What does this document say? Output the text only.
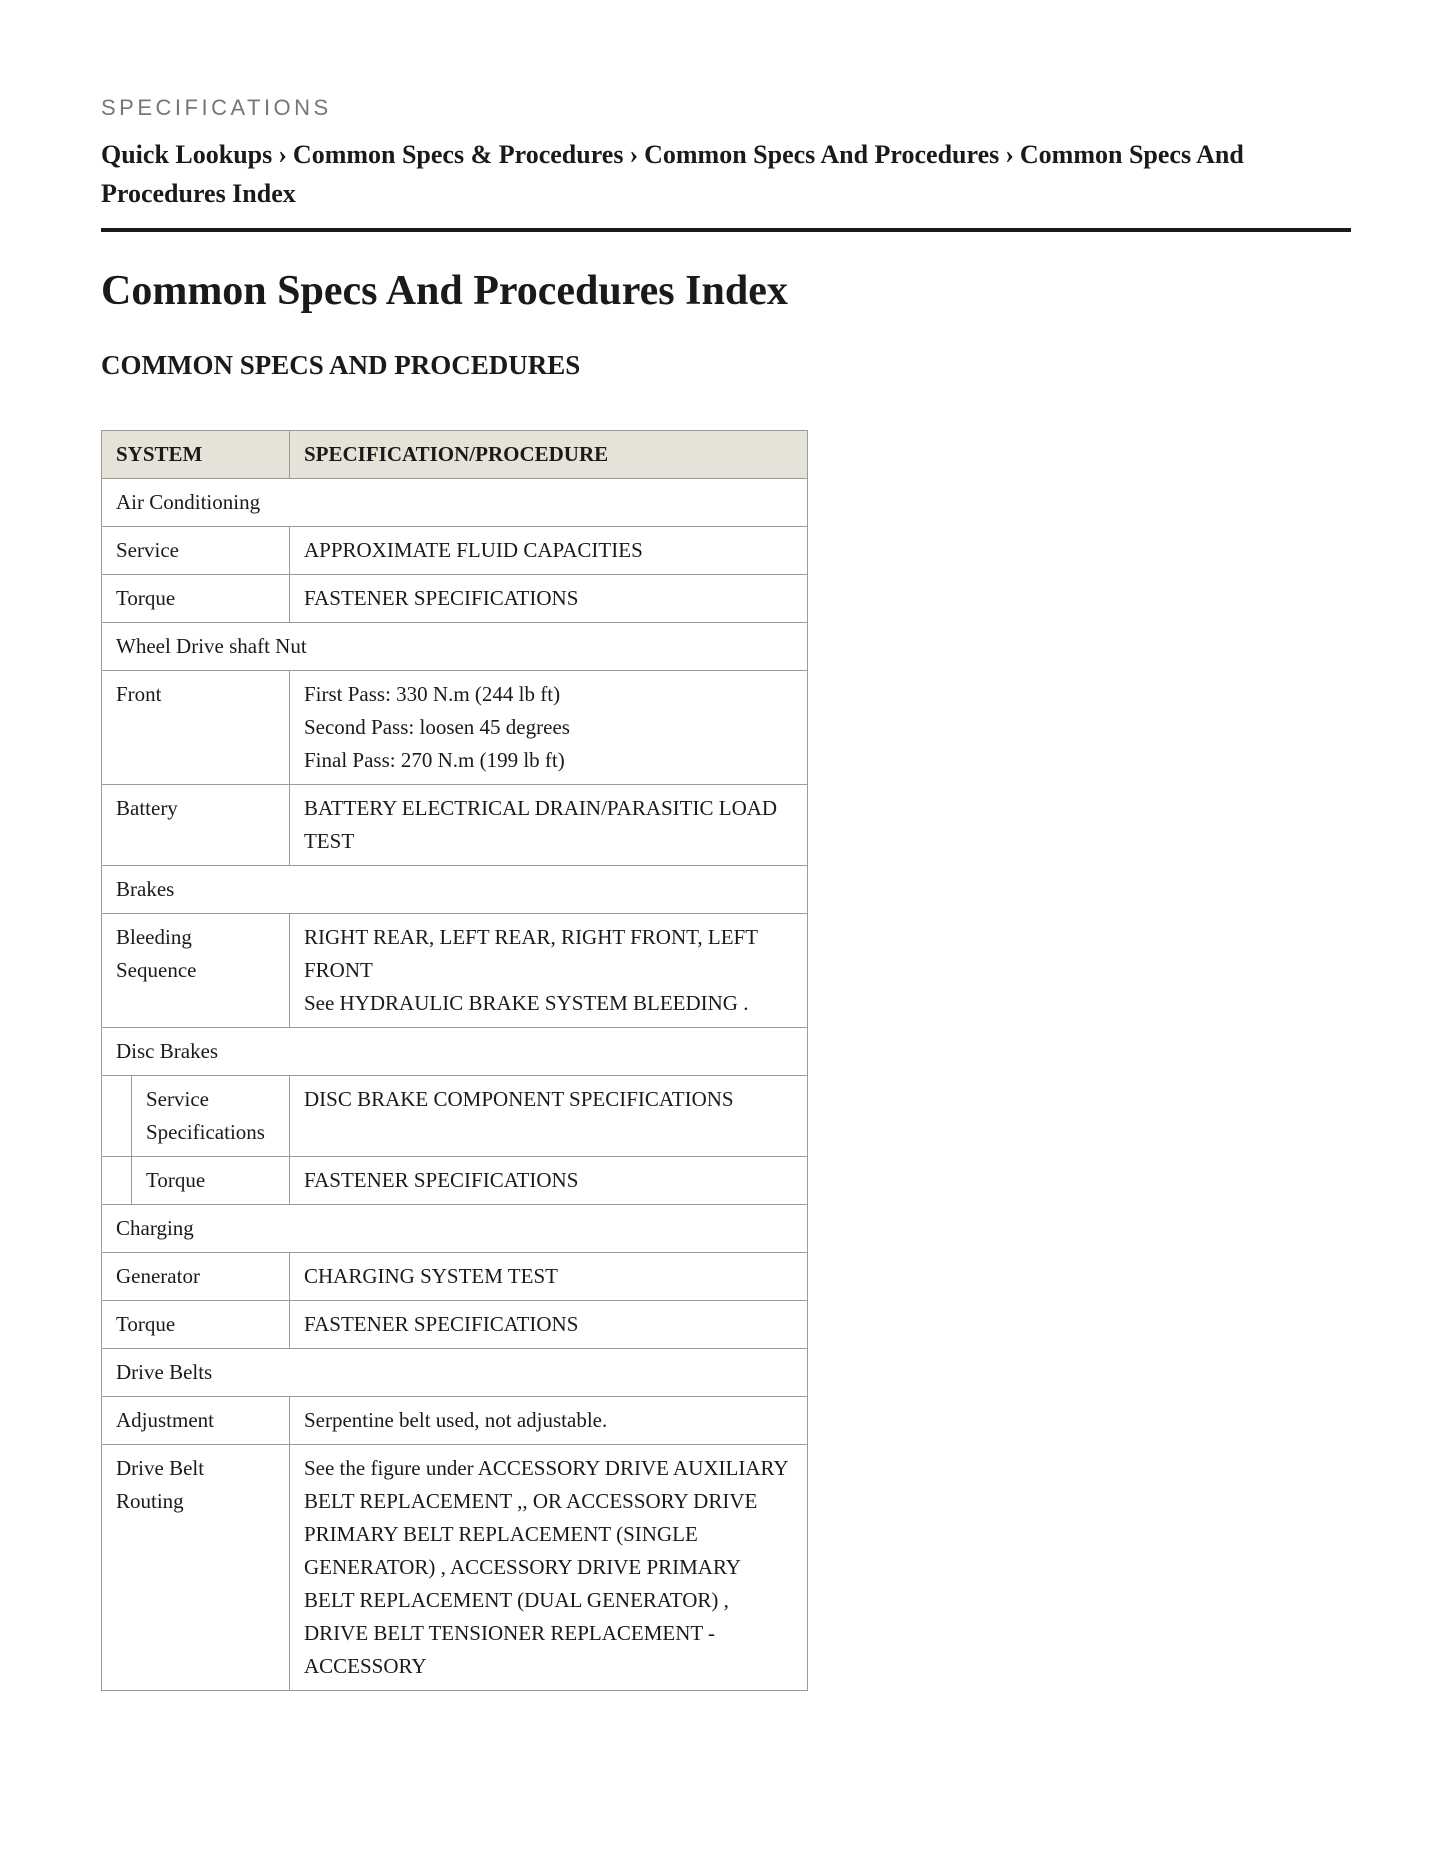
SPECIFICATIONS
Quick Lookups › Common Specs & Procedures › Common Specs And Procedures › Common Specs And Procedures Index
Common Specs And Procedures Index
COMMON SPECS AND PROCEDURES
SYSTEM		SPECIFICATION/PROCEDURE
Air Conditioning		
Service		APPROXIMATE FLUID CAPACITIES

Torque		FASTENER SPECIFICATIONS

Wheel Drive shaft Nut		
Front		First Pass: 330 N.m (244 lb ft)
Second Pass: loosen 45 degrees
Final Pass: 270 N.m (199 lb ft)

Battery		BATTERY ELECTRICAL DRAIN/PARASITIC LOAD TEST

Brakes		
Bleeding Sequence		RIGHT REAR, LEFT REAR, RIGHT FRONT, LEFT FRONT
See HYDRAULIC BRAKE SYSTEM BLEEDING .

Disc Brakes		
	Service Specifications	DISC BRAKE COMPONENT SPECIFICATIONS

	Torque	FASTENER SPECIFICATIONS

Charging		
Generator		CHARGING SYSTEM TEST

Torque		FASTENER SPECIFICATIONS

Drive Belts		
Adjustment		Serpentine belt used, not adjustable.

Drive Belt Routing		See the figure under ACCESSORY DRIVE AUXILIARY BELT REPLACEMENT ,, OR ACCESSORY DRIVE PRIMARY BELT REPLACEMENT (SINGLE GENERATOR) , ACCESSORY DRIVE PRIMARY BELT REPLACEMENT (DUAL GENERATOR) , DRIVE BELT TENSIONER REPLACEMENT - ACCESSORY
